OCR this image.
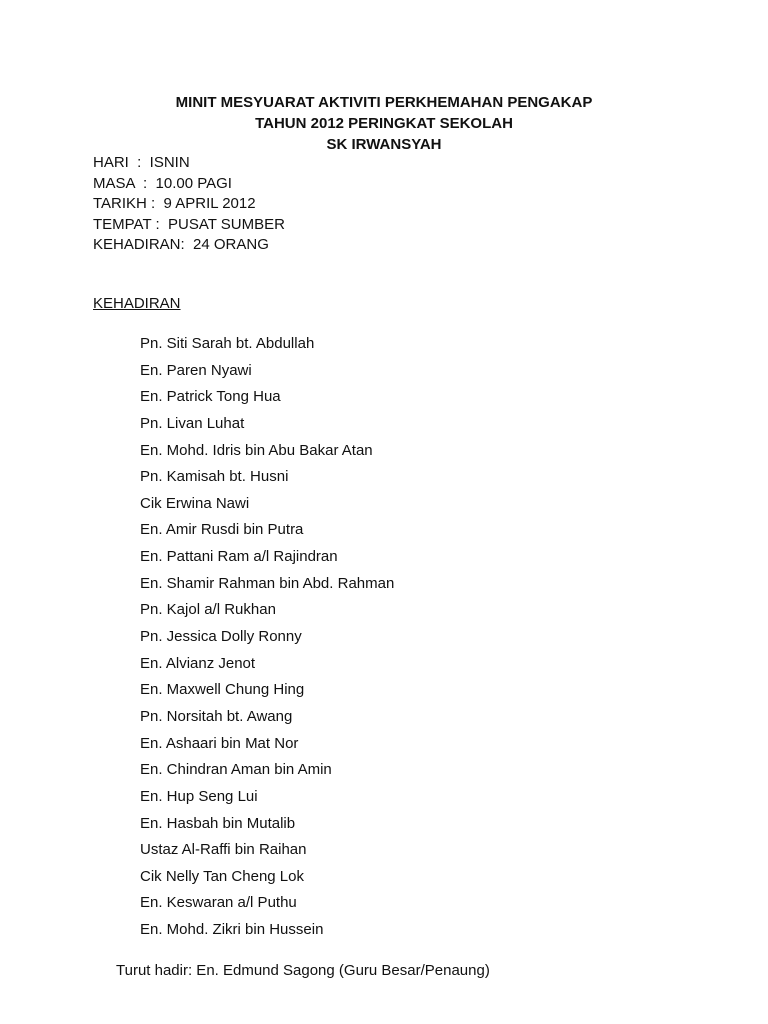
MINIT MESYUARAT AKTIVITI PERKHEMAHAN PENGAKAP
TAHUN 2012 PERINGKAT SEKOLAH
SK IRWANSYAH
HARI  :  ISNIN
MASA  :  10.00 PAGI
TARIKH :  9 APRIL 2012
TEMPAT :  PUSAT SUMBER
KEHADIRAN:  24 ORANG
KEHADIRAN
Pn. Siti Sarah bt. Abdullah
En. Paren Nyawi
En. Patrick Tong Hua
Pn. Livan Luhat
En. Mohd. Idris bin Abu Bakar Atan
Pn. Kamisah bt. Husni
Cik Erwina Nawi
En. Amir Rusdi bin Putra
En. Pattani Ram a/l Rajindran
En. Shamir Rahman bin Abd. Rahman
Pn. Kajol a/l Rukhan
Pn. Jessica Dolly Ronny
En. Alvianz Jenot
En. Maxwell Chung Hing
Pn. Norsitah bt. Awang
En. Ashaari bin Mat Nor
En. Chindran Aman bin Amin
En. Hup Seng Lui
En. Hasbah bin Mutalib
Ustaz Al-Raffi bin Raihan
Cik Nelly Tan Cheng Lok
En. Keswaran a/l Puthu
En. Mohd. Zikri bin Hussein
Turut hadir: En. Edmund Sagong (Guru Besar/Penaung)
